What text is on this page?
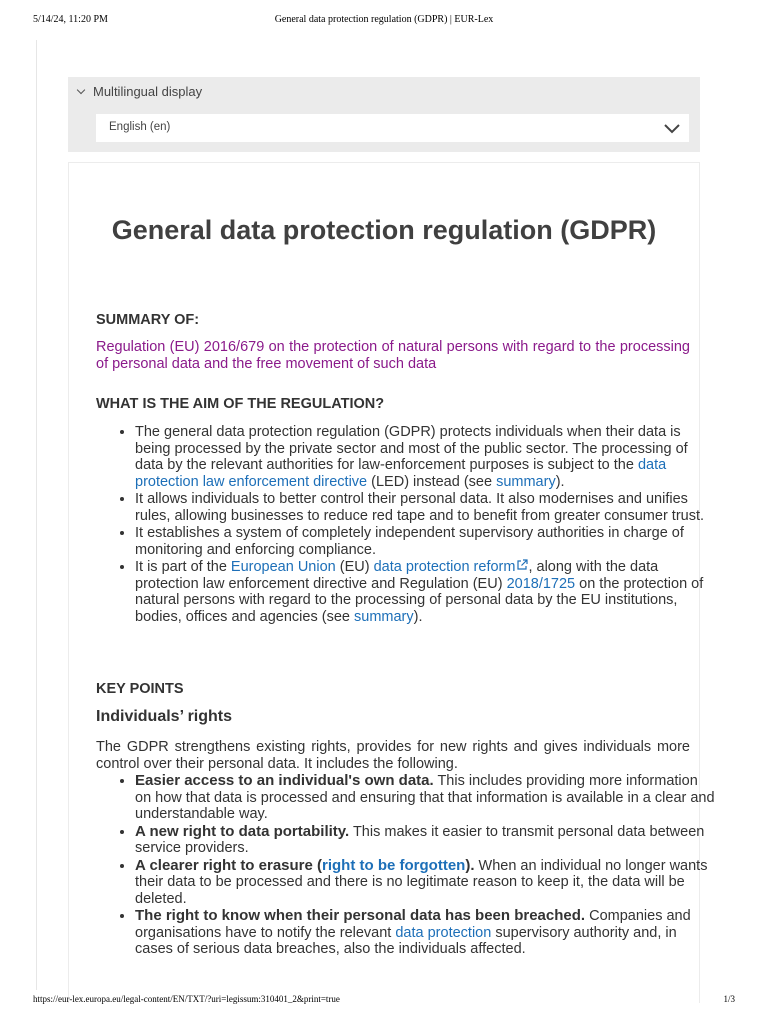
5/14/24, 11:20 PM	General data protection regulation (GDPR) | EUR-Lex
Multilingual display
English (en)
General data protection regulation (GDPR)
SUMMARY OF:
Regulation (EU) 2016/679 on the protection of natural persons with regard to the processing of personal data and the free movement of such data
WHAT IS THE AIM OF THE REGULATION?
• The general data protection regulation (GDPR) protects individuals when their data is being processed by the private sector and most of the public sector. The processing of data by the relevant authorities for law-enforcement purposes is subject to the data protection law enforcement directive (LED) instead (see summary).
• It allows individuals to better control their personal data. It also modernises and unifies rules, allowing businesses to reduce red tape and to benefit from greater consumer trust.
• It establishes a system of completely independent supervisory authorities in charge of monitoring and enforcing compliance.
• It is part of the European Union (EU) data protection reform , along with the data protection law enforcement directive and Regulation (EU) 2018/1725 on the protection of natural persons with regard to the processing of personal data by the EU institutions, bodies, offices and agencies (see summary).
KEY POINTS
Individuals’ rights
The GDPR strengthens existing rights, provides for new rights and gives individuals more control over their personal data. It includes the following.
• Easier access to an individual's own data. This includes providing more information on how that data is processed and ensuring that that information is available in a clear and understandable way.
• A new right to data portability. This makes it easier to transmit personal data between service providers.
• A clearer right to erasure (right to be forgotten). When an individual no longer wants their data to be processed and there is no legitimate reason to keep it, the data will be deleted.
• The right to know when their personal data has been breached. Companies and organisations have to notify the relevant data protection supervisory authority and, in cases of serious data breaches, also the individuals affected.
https://eur-lex.europa.eu/legal-content/EN/TXT/?uri=legissum:310401_2&print=true	1/3
